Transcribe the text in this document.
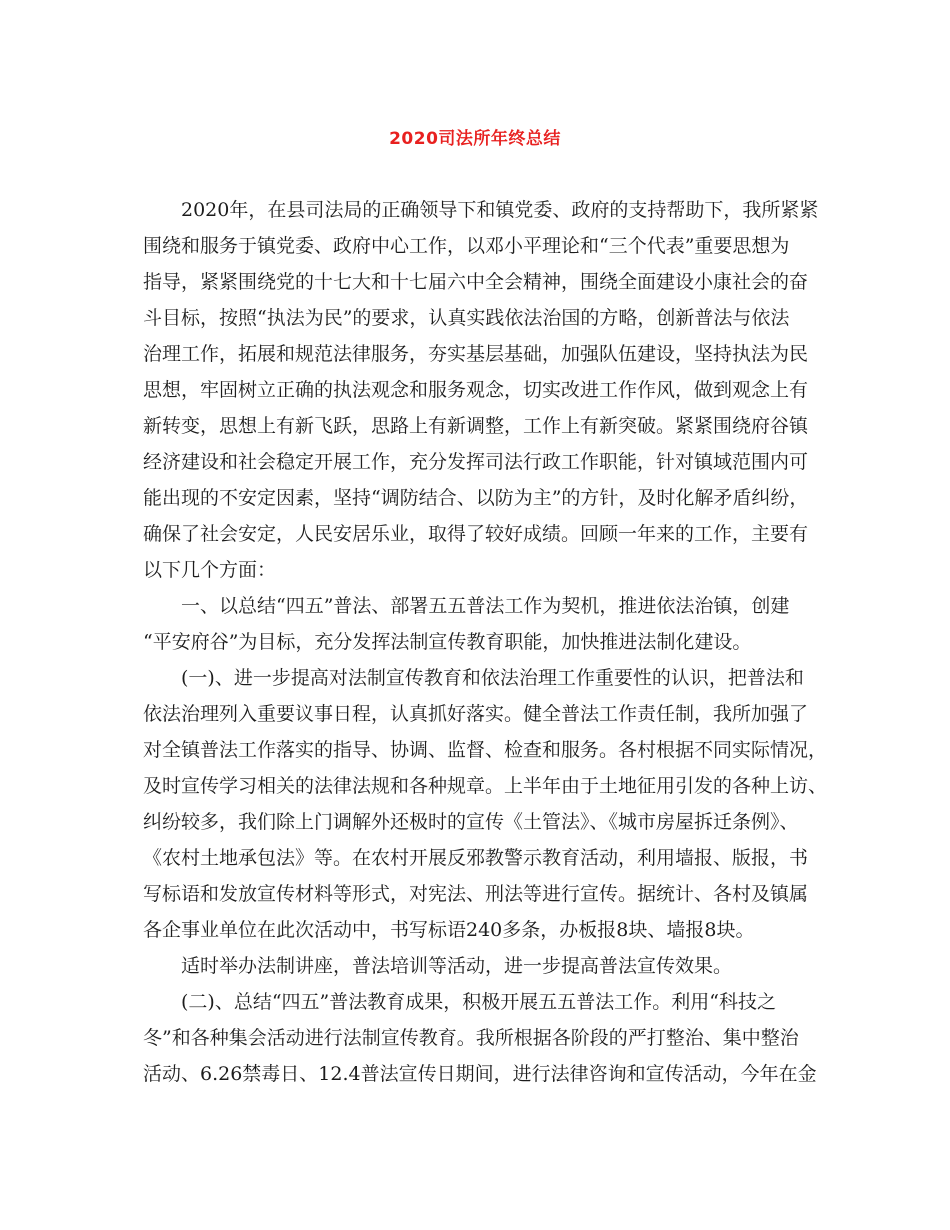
2020司法所年终总结
2020年，在县司法局的正确领导下和镇党委、政府的支持帮助下，我所紧紧
围绕和服务于镇党委、政府中心工作，以邓小平理论和“三个代表”重要思想为
指导，紧紧围绕党的十七大和十七届六中全会精神，围绕全面建设小康社会的奋
斗目标，按照“执法为民”的要求，认真实践依法治国的方略，创新普法与依法
治理工作，拓展和规范法律服务，夯实基层基础，加强队伍建设，坚持执法为民
思想，牢固树立正确的执法观念和服务观念，切实改进工作作风，做到观念上有
新转变，思想上有新飞跃，思路上有新调整，工作上有新突破。紧紧围绕府谷镇
经济建设和社会稳定开展工作，充分发挥司法行政工作职能，针对镇域范围内可
能出现的不安定因素，坚持“调防结合、以防为主”的方针，及时化解矛盾纠纷，
确保了社会安定，人民安居乐业，取得了较好成绩。回顾一年来的工作，主要有
以下几个方面：
一、以总结“四五”普法、部署五五普法工作为契机，推进依法治镇，创建
“平安府谷”为目标，充分发挥法制宣传教育职能，加快推进法制化建设。
(一)、进一步提高对法制宣传教育和依法治理工作重要性的认识，把普法和
依法治理列入重要议事日程，认真抓好落实。健全普法工作责任制，我所加强了
对全镇普法工作落实的指导、协调、监督、检查和服务。各村根据不同实际情况，
及时宣传学习相关的法律法规和各种规章。上半年由于土地征用引发的各种上访、
纠纷较多，我们除上门调解外还极时的宣传《土管法》、《城市房屋拆迁条例》、
《农村土地承包法》等。在农村开展反邪教警示教育活动，利用墙报、版报，书
写标语和发放宣传材料等形式，对宪法、刑法等进行宣传。据统计、各村及镇属
各企事业单位在此次活动中，书写标语240多条，办板报8块、墙报8块。
适时举办法制讲座，普法培训等活动，进一步提高普法宣传效果。
(二)、总结“四五”普法教育成果，积极开展五五普法工作。利用“科技之
冬”和各种集会活动进行法制宣传教育。我所根据各阶段的严打整治、集中整治
活动、6.26禁毒日、12.4普法宣传日期间，进行法律咨询和宣传活动，今年在金
